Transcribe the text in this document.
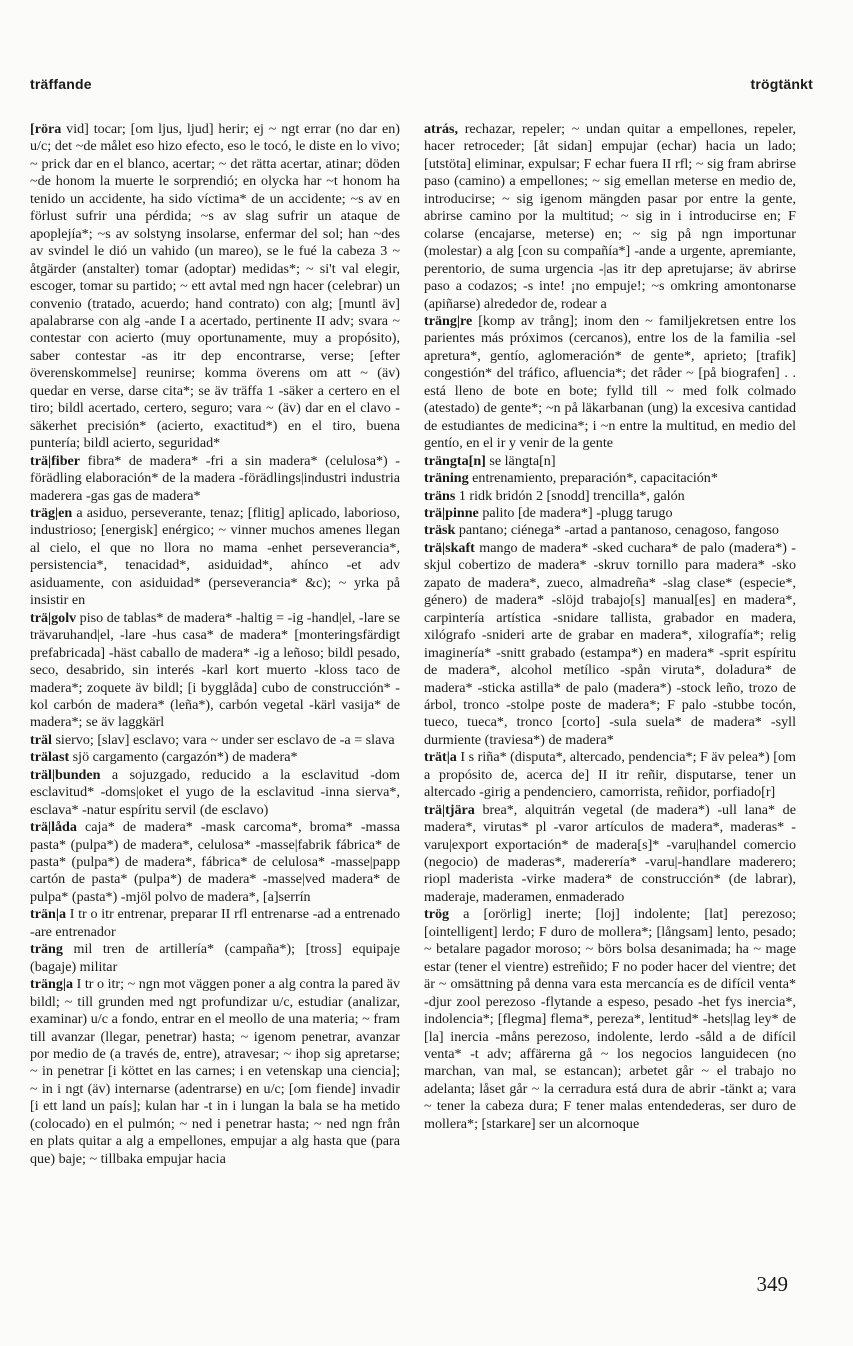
träffande	trögtänkt

[röra vid] tocar; [om ljus, ljud] herir; ej ~ ngt errar (no dar en) u/c; det ~de målet eso hizo efecto, eso le tocó, le diste en lo vivo; ~ prick dar en el blanco, acertar; ~ det rätta acertar, atinar; döden ~de honom la muerte le sorprendió; en olycka har ~t honom ha tenido un accidente, ha sido víctima* de un accidente; ~s av en förlust sufrir una pérdida; ~s av slag sufrir un ataque de apoplejía*; ~s av solstyng insolarse, enfermar del sol; han ~des av svindel le dió un vahido (un mareo), se le fué la cabeza 3 ~ åtgärder (anstalter) tomar (adoptar) medidas*; ~ si't val elegir, escoger, tomar su partido; ~ ett avtal med ngn hacer (celebrar) un convenio (tratado, acuerdo; hand contrato) con alg; [muntl äv] apalabrarse con alg -ande I a acertado, pertinente II adv; svara ~ contestar con acierto (muy oportunamente, muy a propósito), saber contestar -as itr dep encontrarse, verse; [efter överenskommelse] reunirse; komma överens om att ~ (äv) quedar en verse, darse cita*; se äv träffa 1 -säker a certero en el tiro; bildl acertado, certero, seguro; vara ~ (äv) dar en el clavo -säkerhet precisión* (acierto, exactitud*) en el tiro, buena puntería; bildl acierto, seguridad*

trä|fiber fibra* de madera* -fri a sin madera* (celulosa*) -förädling elaboración* de la madera -förädlings|industri industria maderera -gas gas de madera*

träg|en a asiduo, perseverante, tenaz; [flitig] aplicado, laborioso, industrioso; [energisk] enérgico; ~ vinner muchos amenes llegan al cielo, el que no llora no mama -enhet perseverancia*, persistencia*, tenacidad*, asiduidad*, ahínco -et adv asiduamente, con asiduidad* (perseverancia* &c); ~ yrka på insistir en

trä|golv piso de tablas* de madera* -haltig = -ig -hand|el, -lare se trävaruhand|el, -lare -hus casa* de madera* [monteringsfärdigt prefabricada] -häst caballo de madera* -ig a leñoso; bildl pesado, seco, desabrido, sin interés -karl kort muerto -kloss taco de madera*; zoquete äv bildl; [i bygglåda] cubo de construcción* -kol carbón de madera* (leña*), carbón vegetal -kärl vasija* de madera*; se äv laggkärl

träl siervo; [slav] esclavo; vara ~ under ser esclavo de -a = slava

trälast sjö cargamento (cargazón*) de madera*

träl|bunden a sojuzgado, reducido a la esclavitud -dom esclavitud* -doms|oket el yugo de la esclavitud -inna sierva*, esclava* -natur espíritu servil (de esclavo)

trä|låda caja* de madera* -mask carcoma*, broma* -massa pasta* (pulpa*) de madera*, celulosa* -masse|fabrik fábrica* de pasta* (pulpa*) de madera*, fábrica* de celulosa* -masse|papp cartón de pasta* (pulpa*) de madera* -masse|ved madera* de pulpa* (pasta*) -mjöl polvo de madera*, [a]serrín

trän|a I tr o itr entrenar, preparar II rfl entrenarse -ad a entrenado -are entrenador

träng mil tren de artillería* (campaña*); [tross] equipaje (bagaje) militar

träng|a I tr o itr; ~ ngn mot väggen poner a alg contra la pared äv bildl; ~ till grunden med ngt profundizar u/c, estudiar (analizar, examinar) u/c a fondo, entrar en el meollo de una materia; ~ fram till avanzar (llegar, penetrar) hasta; ~ igenom penetrar, avanzar por medio de (a través de, entre), atravesar; ~ ihop sig apretarse; ~ in penetrar [i köttet en las carnes; i en vetenskap una ciencia]; ~ in i ngt (äv) internarse (adentrarse) en u/c; [om fiende] invadir [i ett land un país]; kulan har -t in i lungan la bala se ha metido (colocado) en el pulmón; ~ ned i penetrar hasta; ~ ned ngn från en plats quitar a alg a empellones, empujar a alg hasta que (para que) baje; ~ tillbaka empujar hacia

atrás, rechazar, repeler; ~ undan quitar a empellones, repeler, hacer retroceder; [åt sidan] empujar (echar) hacia un lado; [utstöta] eliminar, expulsar; F echar fuera II rfl; ~ sig fram abrirse paso (camino) a empellones; ~ sig emellan meterse en medio de, introducirse; ~ sig igenom mängden pasar por entre la gente, abrirse camino por la multitud; ~ sig in i introducirse en; F colarse (encajarse, meterse) en; ~ sig på ngn importunar (molestar) a alg [con su compañía*] -ande a urgente, apremiante, perentorio, de suma urgencia -|as itr dep apretujarse; äv abrirse paso a codazos; -s inte! ¡no empuje!; ~s omkring amontonarse (apiñarse) alrededor de, rodear a

träng|re [komp av trång]; inom den ~ familjekretsen entre los parientes más próximos (cercanos), entre los de la familia -sel apretura*, gentío, aglomeración* de gente*, aprieto; [trafik] congestión* del tráfico, afluencia*; det råder ~ [på biografen] . . está lleno de bote en bote; fylld till ~ med folk colmado (atestado) de gente*; ~n på läkarbanan (ung) la excesiva cantidad de estudiantes de medicina*; i ~n entre la multitud, en medio del gentío, en el ir y venir de la gente

trängta[n] se längta[n]

träning entrenamiento, preparación*, capacitación*

träns 1 ridk bridón 2 [snodd] trencilla*, galón

trä|pinne palito [de madera*] -plugg tarugo

träsk pantano; ciénega* -artad a pantanoso, cenagoso, fangoso

trä|skaft mango de madera* -sked cuchara* de palo (madera*) -skjul cobertizo de madera* -skruv tornillo para madera* -sko zapato de madera*, zueco, almadreña* -slag clase* (especie*, género) de madera* -slöjd trabajo[s] manual[es] en madera*, carpintería artística -snidare tallista, grabador en madera, xilógrafo -snideri arte de grabar en madera*, xilografía*; relig imaginería* -snitt grabado (estampa*) en madera* -sprit espíritu de madera*, alcohol metílico -spån viruta*, doladura* de madera* -sticka astilla* de palo (madera*) -stock leño, trozo de árbol, tronco -stolpe poste de madera*; F palo -stubbe tocón, tueco, tueca*, tronco [corto] -sula suela* de madera* -syll durmiente (traviesa*) de madera*

trät|a I s riña* (disputa*, altercado, pendencia*; F äv pelea*) [om a propósito de, acerca de] II itr reñir, disputarse, tener un altercado -girig a pendenciero, camorrista, reñidor, porfiado[r]

trä|tjära brea*, alquitrán vegetal (de madera*) -ull lana* de madera*, virutas* pl -varor artículos de madera*, maderas* -varu|export exportación* de madera[s]* -varu|handel comercio (negocio) de maderas*, maderería* -varu|-handlare maderero; riopl maderista -virke madera* de construcción* (de labrar), maderaje, maderamen, enmaderado

trög a [orörlig] inerte; [loj] indolente; [lat] perezoso; [ointelligent] lerdo; F duro de mollera*; [långsam] lento, pesado; ~ betalare pagador moroso; ~ börs bolsa desanimada; ha ~ mage estar (tener el vientre) estreñido; F no poder hacer del vientre; det är ~ omsättning på denna vara esta mercancía es de difícil venta* -djur zool perezoso -flytande a espeso, pesado -het fys inercia*, indolencia*; [flegma] flema*, pereza*, lentitud* -hets|lag ley* de [la] inercia -måns perezoso, indolente, lerdo -såld a de difícil venta* -t adv; affärerna gå ~ los negocios languidecen (no marchan, van mal, se estancan); arbetet går ~ el trabajo no adelanta; låset går ~ la cerradura está dura de abrir -tänkt a; vara ~ tener la cabeza dura; F tener malas entendederas, ser duro de mollera*; [starkare] ser un alcornoque

349
